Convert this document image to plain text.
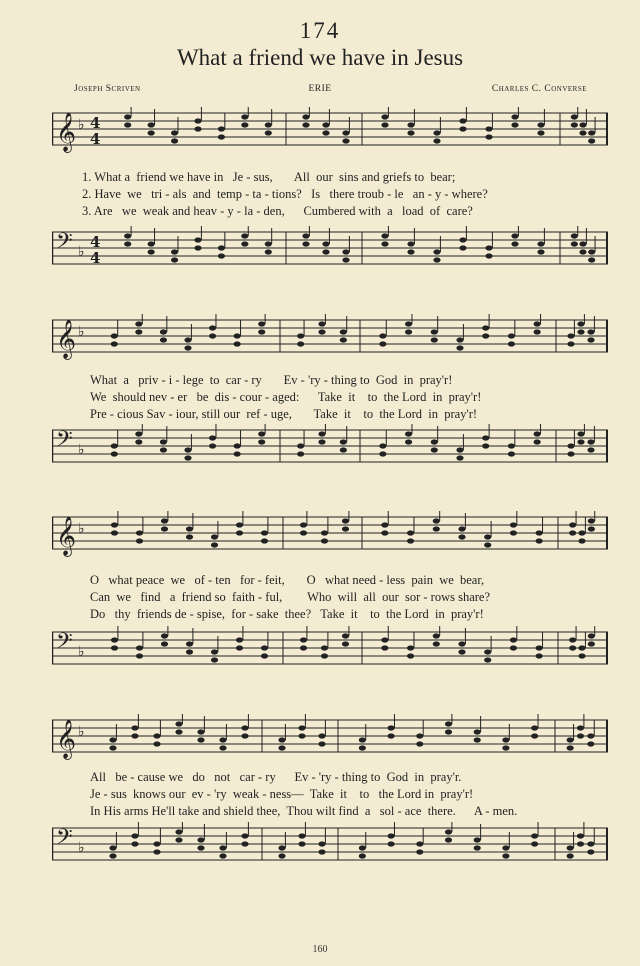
174
What a friend we have in Jesus
Joseph Scriven	ERIE	Charles C. Converse
𝄞 ♭ 4
4
𝄢 ♭
4
4
1. What a  friend we have in   Je - sus,       All  our  sins and griefs to  bear;
2. Have  we   tri - als  and  temp - ta - tions?   Is   there troub - le   an - y - where?
3. Are   we  weak and heav - y - la - den,      Cumbered with  a   load  of  care?
𝄞 ♭
𝄢 ♭
What  a   priv - i - lege  to  car - ry       Ev - 'ry - thing to  God  in  pray'r!
We  should nev - er   be  dis - cour - aged:      Take  it    to  the Lord  in  pray'r!
Pre - cious Sav - iour, still our  ref - uge,       Take  it    to  the Lord  in  pray'r!
𝄞 ♭
𝄢 ♭
O   what peace  we   of - ten   for - feit,       O   what need - less  pain  we  bear,
Can  we   find   a  friend so  faith - ful,        Who  will  all  our  sor - rows share?
Do   thy  friends de - spise,  for - sake  thee?   Take  it    to  the Lord  in  pray'r!
𝄞 ♭
𝄢 ♭
All   be - cause we   do   not   car - ry      Ev - 'ry - thing to  God  in  pray'r.
Je - sus  knows our  ev - 'ry  weak - ness—  Take  it    to   the Lord in  pray'r!
In His arms He'll take and shield thee,  Thou wilt find  a   sol - ace  there.      A - men.
160
